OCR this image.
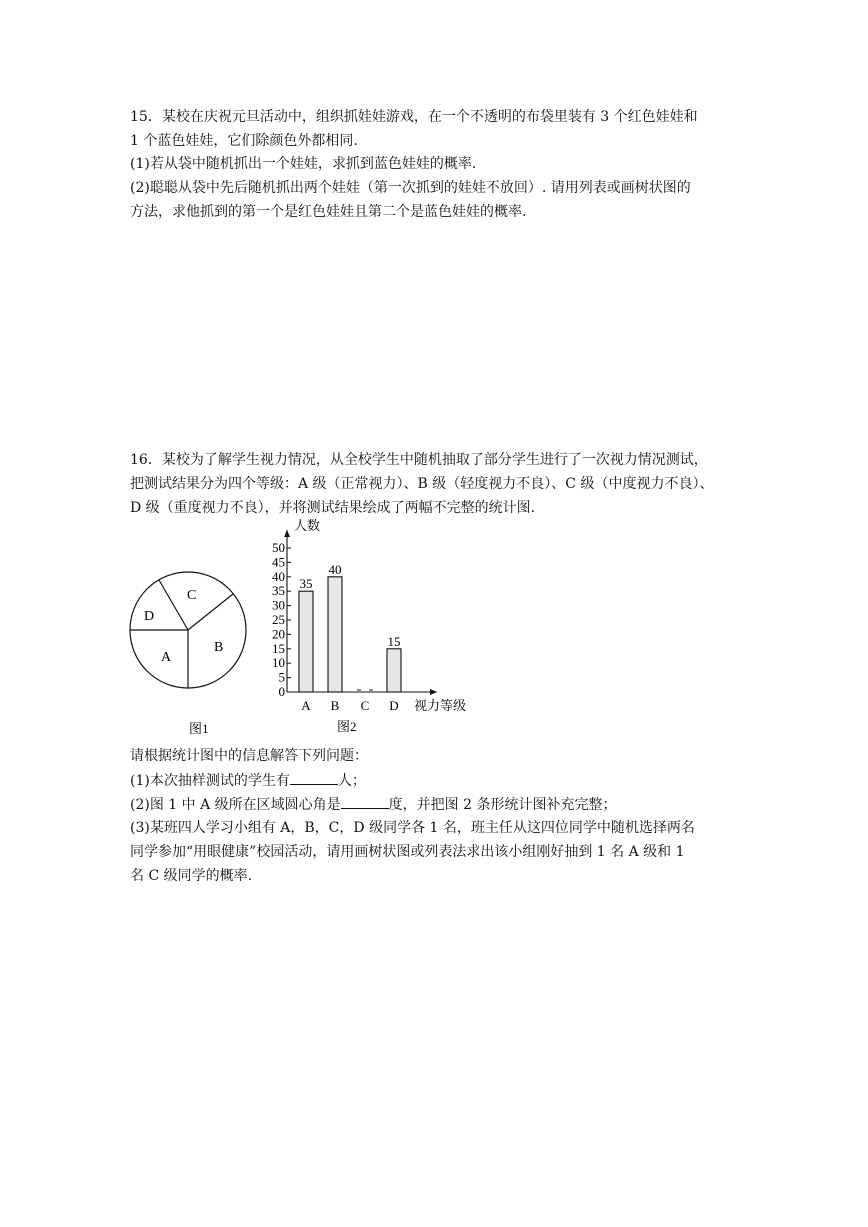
15．某校在庆祝元旦活动中，组织抓娃娃游戏，在一个不透明的布袋里装有 3 个红色娃娃和
1 个蓝色娃娃，它们除颜色外都相同.
(1)若从袋中随机抓出一个娃娃，求抓到蓝色娃娃的概率.
(2)聪聪从袋中先后随机抓出两个娃娃（第一次抓到的娃娃不放回）. 请用列表或画树状图的
方法，求他抓到的第一个是红色娃娃且第二个是蓝色娃娃的概率.
16．某校为了解学生视力情况，从全校学生中随机抽取了部分学生进行了一次视力情况测试，
把测试结果分为四个等级：A 级（正常视力）、B 级（轻度视力不良）、C 级（中度视力不良）、
D 级（重度视力不良），并将测试结果绘成了两幅不完整的统计图.
C
D
B
A
图1
0
5
10
15
20
25
30
35
40
45
50
A B C D
35
40
15
人数
视力等级
图2
请根据统计图中的信息解答下列问题：
(1)本次抽样测试的学生有	人；
(2)图 1 中 A 级所在区域圆心角是	度，并把图 2 条形统计图补充完整；
(3)某班四人学习小组有 A，B，C，D 级同学各 1 名，班主任从这四位同学中随机选择两名
同学参加“用眼健康”校园活动，请用画树状图或列表法求出该小组刚好抽到 1 名 A 级和 1
名 C 级同学的概率.
